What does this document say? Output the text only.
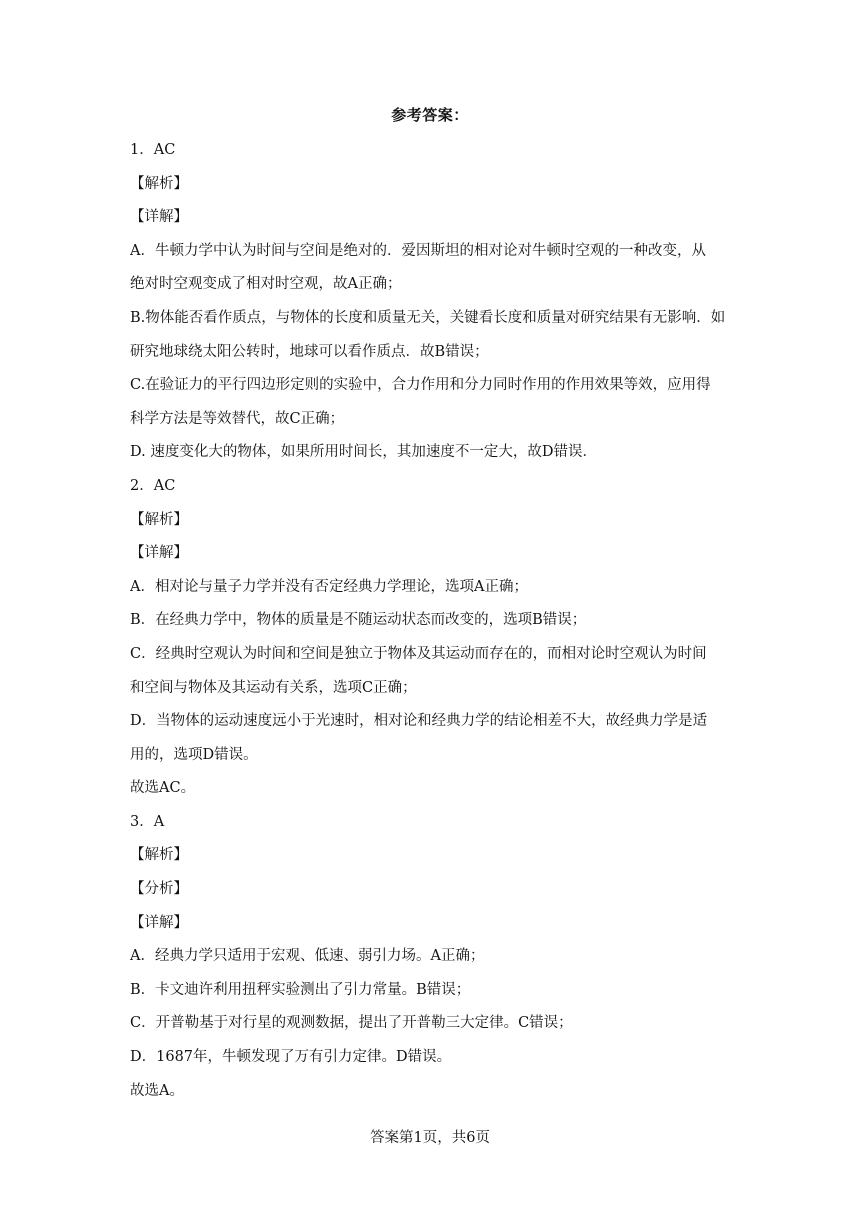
参考答案：
1．AC
【解析】
【详解】
A．牛顿力学中认为时间与空间是绝对的．爱因斯坦的相对论对牛顿时空观的一种改变，从
绝对时空观变成了相对时空观，故A正确；
B.物体能否看作质点，与物体的长度和质量无关，关键看长度和质量对研究结果有无影响．如
研究地球绕太阳公转时，地球可以看作质点．故B错误；
C.在验证力的平行四边形定则的实验中，合力作用和分力同时作用的作用效果等效，应用得
科学方法是等效替代，故C正确；
D. 速度变化大的物体，如果所用时间长，其加速度不一定大，故D错误．
2．AC
【解析】
【详解】
A．相对论与量子力学并没有否定经典力学理论，选项A正确；
B．在经典力学中，物体的质量是不随运动状态而改变的，选项B错误；
C．经典时空观认为时间和空间是独立于物体及其运动而存在的，而相对论时空观认为时间
和空间与物体及其运动有关系，选项C正确；
D．当物体的运动速度远小于光速时，相对论和经典力学的结论相差不大，故经典力学是适
用的，选项D错误。
故选AC。
3．A
【解析】
【分析】
【详解】
A．经典力学只适用于宏观、低速、弱引力场。A正确；
B．卡文迪许利用扭秤实验测出了引力常量。B错误；
C．开普勒基于对行星的观测数据，提出了开普勒三大定律。C错误；
D．1687年，牛顿发现了万有引力定律。D错误。
故选A。
答案第1页，共6页
